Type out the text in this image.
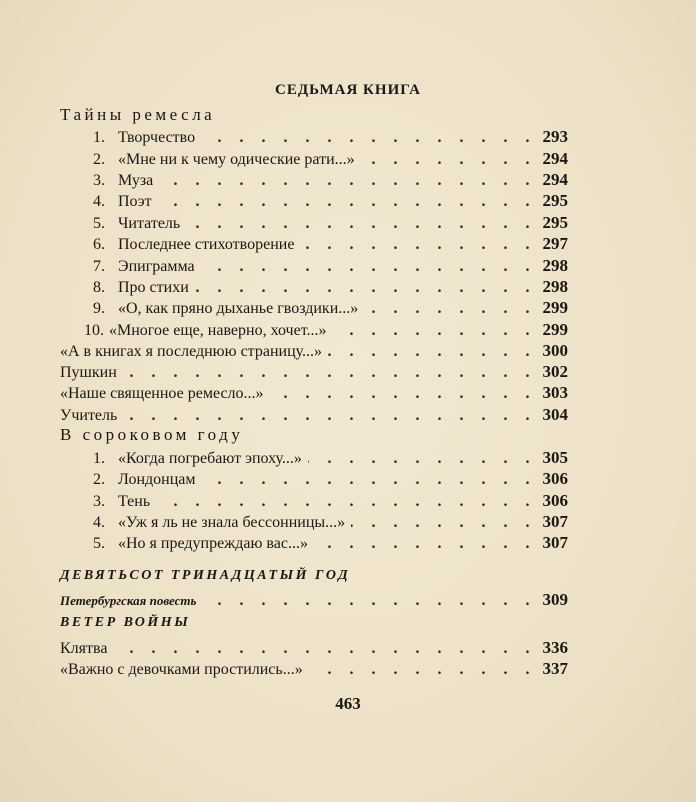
СЕДЬМАЯ КНИГА
Тайны ремесла
В сороковом году
ДЕВЯТЬСОТ ТРИНАДЦАТЫЙ ГОД
ВЕТЕР ВОЙНЫ
1. Творчество . . .	293
2. «Мне ни к чему одические рати...» . . .	294
3. Муза . . .	294
4. Поэт . . .	295
5. Читатель . . .	295
6. Последнее стихотворение . . .	297
7. Эпиграмма . . .	298
8. Про стихи . . .	298
9. «О, как пряно дыханье гвоздики...» . . .	299
10. «Многое еще, наверно, хочет...» . . .	299
«А в книгах я последнюю страницу...» . . .	300
Пушкин . . .	302
«Наше священное ремесло...» . . .	303
Учитель . . .	304
1. «Когда погребают эпоху...» . . .	305
2. Лондонцам . . .	306
3. Тень . . .	306
4. «Уж я ль не знала бессонницы...» . . .	307
5. «Но я предупреждаю вас...» . . .	307
Петербургская повесть . . .	309
Клятва . . .	336
«Важно с девочками простились...» . . .	337
463
